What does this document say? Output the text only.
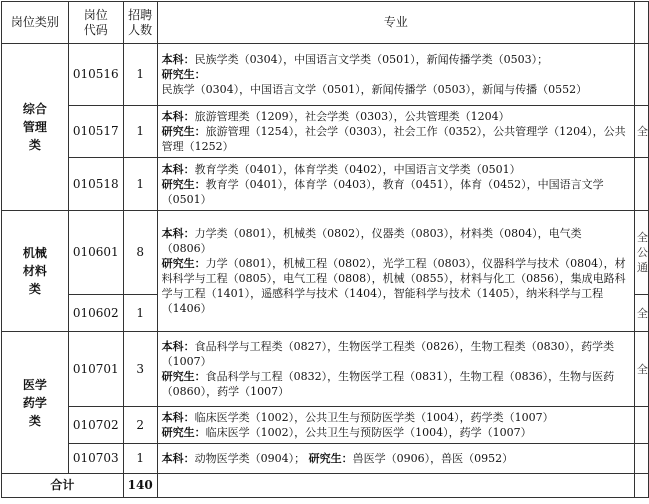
岗位类别	岗位代码	招聘人数	专业	
综合管理类	010516	1	本科：民族学类（0304），中国语言文学类（0501），新闻传播学类（0503）；
研究生：民族学（0304），中国语言文学（0501），新闻传播学（0503），新闻与传播（0552）	
	010517	1	本科：旅游管理类（1209），社会学类（0303），公共管理类（1204）
研究生：旅游管理（1254），社会学（0303），社会工作（0352），公共管理学（1204），公共管理（1252）	全
	010518	1	本科：教育学类（0401），体育学类（0402），中国语言文学类（0501）
研究生：教育学（0401），体育学（0403），教育（0451），体育（0452），中国语言文学（0501）	
机械材料类	010601	8	本科：力学类（0801），机械类（0802），仪器类（0803），材料类（0804），电气类（0806）
研究生：力学（0801），机械工程（0802），光学工程（0803），仪器科学与技术（0804），材料科学与工程（0805），电气工程（0808），机械（0855），材料与化工（0856），集成电路科学与工程（1401），遥感科学与技术（1404），智能科学与技术（1405），纳米科学与工程（1406）	全 公 通
	010602	1		全
医学药学类	010701	3	本科：食品科学与工程类（0827），生物医学工程类（0826），生物工程类（0830），药学类（1007）
研究生：食品科学与工程（0832），生物医学工程（0831），生物工程（0836），生物与医药（0860），药学（1007）	全
	010702	2	本科：临床医学类（1002），公共卫生与预防医学类（1004），药学类（1007）
研究生：临床医学（1002），公共卫生与预防医学（1004），药学（1007）	
	010703	1	本科：动物医学类（0904）； 研究生：兽医学（0906），兽医（0952）	
合计		140		
